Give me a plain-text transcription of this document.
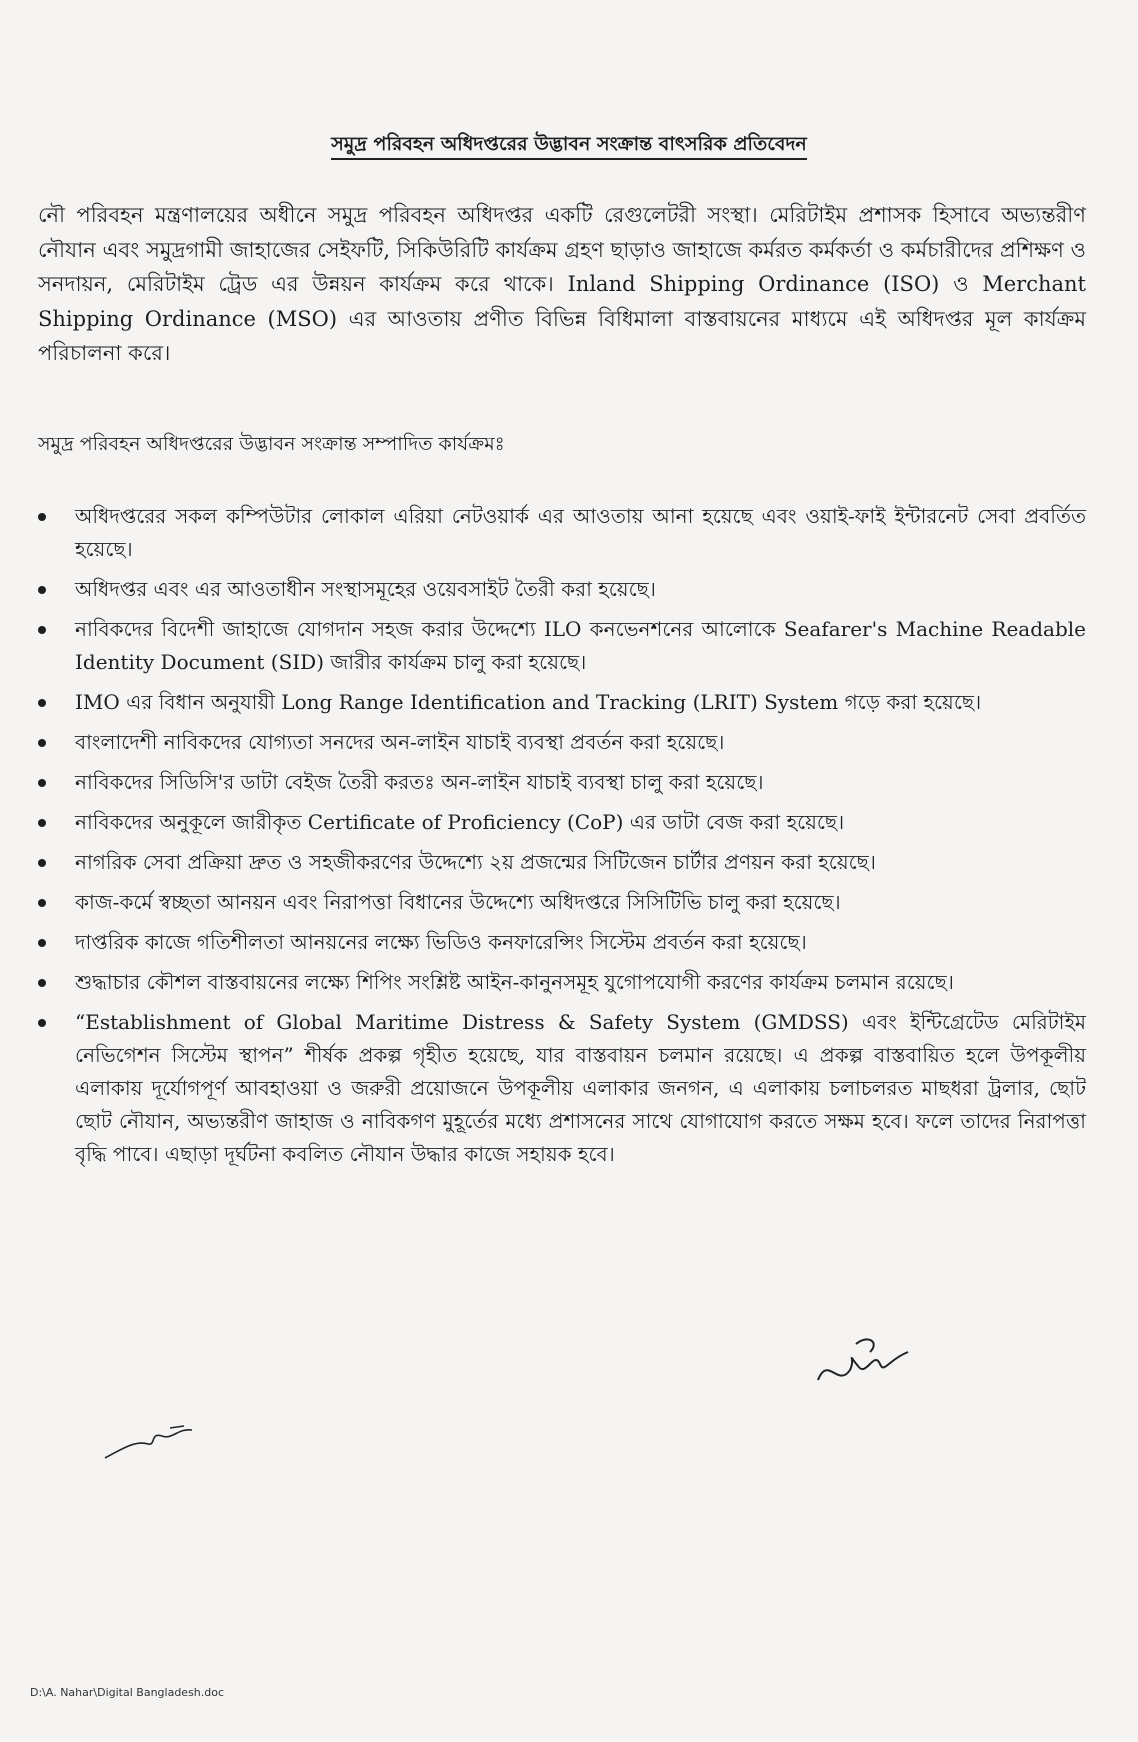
সমুদ্র পরিবহন অধিদপ্তরের উদ্ভাবন সংক্রান্ত বাৎসরিক প্রতিবেদন
নৌ পরিবহন মন্ত্রণালয়ের অধীনে সমুদ্র পরিবহন অধিদপ্তর একটি রেগুলেটরী সংস্থা। মেরিটাইম প্রশাসক হিসাবে অভ্যন্তরীণ নৌযান এবং সমুদ্রগামী জাহাজের সেইফটি, সিকিউরিটি কার্যক্রম গ্রহণ ছাড়াও জাহাজে কর্মরত কর্মকর্তা ও কর্মচারীদের প্রশিক্ষণ ও সনদায়ন, মেরিটাইম ট্রেড এর উন্নয়ন কার্যক্রম করে থাকে। Inland Shipping Ordinance (ISO) ও Merchant Shipping Ordinance (MSO) এর আওতায় প্রণীত বিভিন্ন বিধিমালা বাস্তবায়নের মাধ্যমে এই অধিদপ্তর মূল কার্যক্রম পরিচালনা করে।
সমুদ্র পরিবহন অধিদপ্তরের উদ্ভাবন সংক্রান্ত সম্পাদিত কার্যক্রমঃ
অধিদপ্তরের সকল কম্পিউটার লোকাল এরিয়া নেটওয়ার্ক এর আওতায় আনা হয়েছে এবং ওয়াই-ফাই ইন্টারনেট সেবা প্রবর্তিত হয়েছে।
অধিদপ্তর এবং এর আওতাধীন সংস্থাসমূহের ওয়েবসাইট তৈরী করা হয়েছে।
নাবিকদের বিদেশী জাহাজে যোগদান সহজ করার উদ্দেশ্যে ILO কনভেনশনের আলোকে Seafarer's Machine Readable Identity Document (SID) জারীর কার্যক্রম চালু করা হয়েছে।
IMO এর বিধান অনুযায়ী Long Range Identification and Tracking (LRIT) System গড়ে করা হয়েছে।
বাংলাদেশী নাবিকদের যোগ্যতা সনদের অন-লাইন যাচাই ব্যবস্থা প্রবর্তন করা হয়েছে।
নাবিকদের সিডিসি'র ডাটা বেইজ তৈরী করতঃ অন-লাইন যাচাই ব্যবস্থা চালু করা হয়েছে।
নাবিকদের অনুকূলে জারীকৃত Certificate of Proficiency (CoP) এর ডাটা বেজ করা হয়েছে।
নাগরিক সেবা প্রক্রিয়া দ্রুত ও সহজীকরণের উদ্দেশ্যে ২য় প্রজন্মের সিটিজেন চার্টার প্রণয়ন করা হয়েছে।
কাজ-কর্মে স্বচ্ছতা আনয়ন এবং নিরাপত্তা বিধানের উদ্দেশ্যে অধিদপ্তরে সিসিটিভি চালু করা হয়েছে।
দাপ্তরিক কাজে গতিশীলতা আনয়নের লক্ষ্যে ভিডিও কনফারেন্সিং সিস্টেম প্রবর্তন করা হয়েছে।
শুদ্ধাচার কৌশল বাস্তবায়নের লক্ষ্যে শিপিং সংশ্লিষ্ট আইন-কানুনসমূহ যুগোপযোগী করণের কার্যক্রম চলমান রয়েছে।
“Establishment of Global Maritime Distress & Safety System (GMDSS) এবং ইন্টিগ্রেটেড মেরিটাইম নেভিগেশন সিস্টেম স্থাপন” শীর্ষক প্রকল্প গৃহীত হয়েছে, যার বাস্তবায়ন চলমান রয়েছে। এ প্রকল্প বাস্তবায়িত হলে উপকূলীয় এলাকায় দূর্যোগপূর্ণ আবহাওয়া ও জরুরী প্রয়োজনে উপকূলীয় এলাকার জনগন, এ এলাকায় চলাচলরত মাছধরা ট্রলার, ছোট ছোট নৌযান, অভ্যন্তরীণ জাহাজ ও নাবিকগণ মুহূর্তের মধ্যে প্রশাসনের সাথে যোগাযোগ করতে সক্ষম হবে। ফলে তাদের নিরাপত্তা বৃদ্ধি পাবে। এছাড়া দূর্ঘটনা কবলিত নৌযান উদ্ধার কাজে সহায়ক হবে।
D:\A. Nahar\Digital Bangladesh.doc
